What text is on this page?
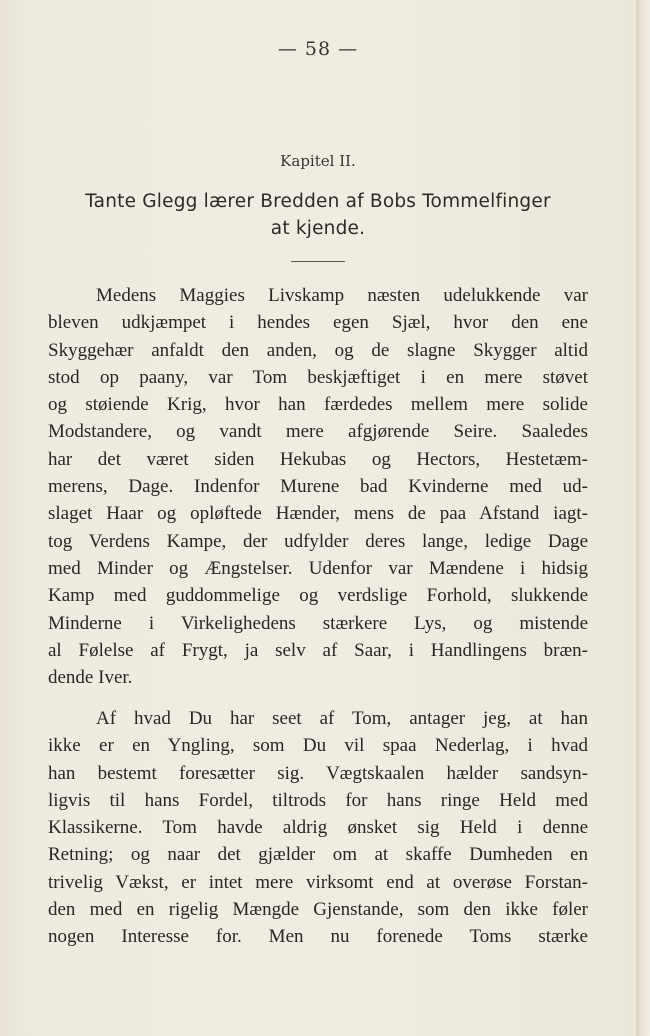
— 58 —
Kapitel II.
Tante Glegg lærer Bredden af Bobs Tommelfinger
at kjende.
Medens Maggies Livskamp næsten udelukkende var
bleven udkjæmpet i hendes egen Sjæl, hvor den ene
Skyggehær anfaldt den anden, og de slagne Skygger altid
stod op paany, var Tom beskjæftiget i en mere støvet
og støiende Krig, hvor han færdedes mellem mere solide
Modstandere, og vandt mere afgjørende Seire. Saaledes
har det været siden Hekubas og Hectors, Hestetæm-
merens, Dage. Indenfor Murene bad Kvinderne med ud-
slaget Haar og opløftede Hænder, mens de paa Afstand iagt-
tog Verdens Kampe, der udfylder deres lange, ledige Dage
med Minder og Ængstelser. Udenfor var Mændene i hidsig
Kamp med guddommelige og verdslige Forhold, slukkende
Minderne i Virkelighedens stærkere Lys, og mistende
al Følelse af Frygt, ja selv af Saar, i Handlingens bræn-
dende Iver.
Af hvad Du har seet af Tom, antager jeg, at han
ikke er en Yngling, som Du vil spaa Nederlag, i hvad
han bestemt foresætter sig. Vægtskaalen hælder sandsyn-
ligvis til hans Fordel, tiltrods for hans ringe Held med
Klassikerne. Tom havde aldrig ønsket sig Held i denne
Retning; og naar det gjælder om at skaffe Dumheden en
trivelig Vækst, er intet mere virksomt end at overøse Forstan-
den med en rigelig Mængde Gjenstande, som den ikke føler
nogen Interesse for. Men nu forenede Toms stærke
